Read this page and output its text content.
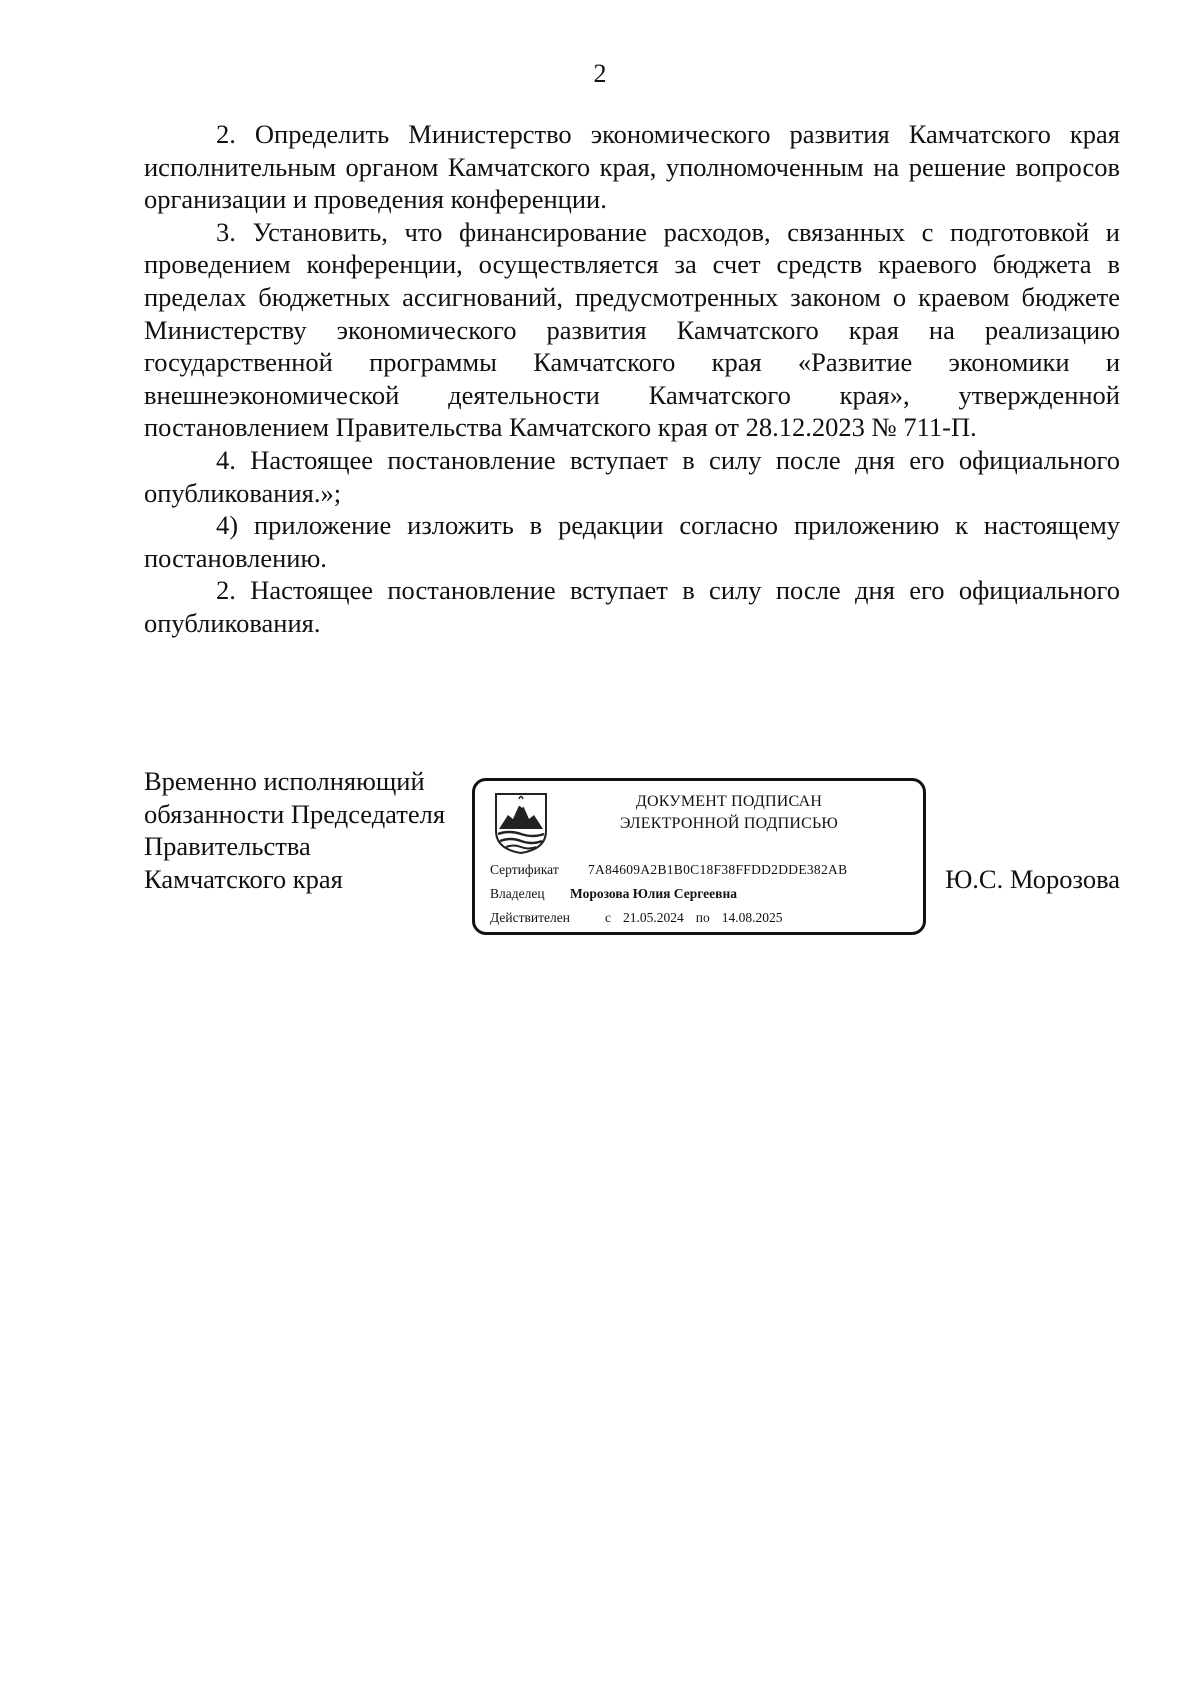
2

2. Определить Министерство экономического развития Камчатского края исполнительным органом Камчатского края, уполномоченным на решение вопросов организации и проведения конференции.

3. Установить, что финансирование расходов, связанных с подготовкой и проведением конференции, осуществляется за счет средств краевого бюджета в пределах бюджетных ассигнований, предусмотренных законом о краевом бюджете Министерству экономического развития Камчатского края на реализацию государственной программы Камчатского края «Развитие экономики и внешнеэкономической деятельности Камчатского края», утвержденной постановлением Правительства Камчатского края от 28.12.2023 № 711-П.

4. Настоящее постановление вступает в силу после дня его официального опубликования.»;

4) приложение изложить в редакции согласно приложению к настоящему постановлению.

2. Настоящее постановление вступает в силу после дня его официального опубликования.

Временно исполняющий
обязанности Председателя
Правительства
Камчатского края
ДОКУМЕНТ ПОДПИСАН
ЭЛЕКТРОННОЙ ПОДПИСЬЮ
Сертификат 7A84609A2B1B0C18F38FFDD2DDE382AB
Владелец Морозова Юлия Сергеевна
Действителен	с 21.05.2024 по 14.08.2025
Ю.С. Морозова
